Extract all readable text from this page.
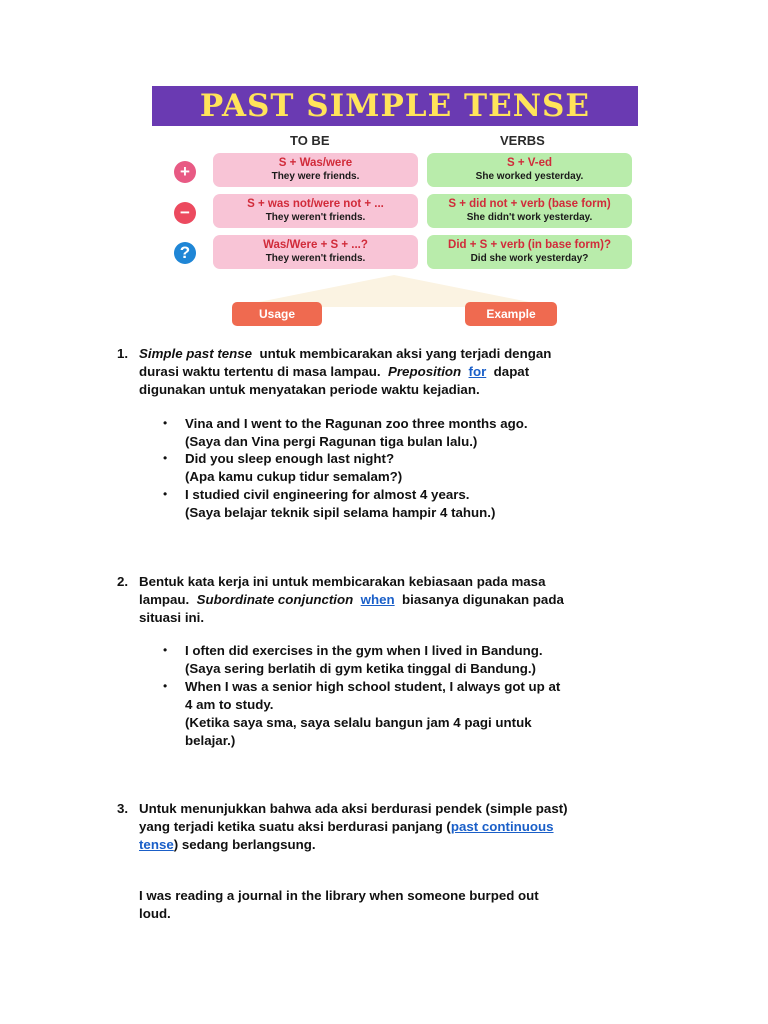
PAST SIMPLE TENSE
TO BE	VERBS
+
−
?
S + Was/were
They were friends.
S + V-ed
She worked yesterday.
S + was not/were not + ...
They weren't friends.
S + did not + verb (base form)
She didn't work yesterday.
Was/Were + S + ...?
They weren't friends.
Did + S + verb (in base form)?
Did she work yesterday?
Usage	Example
1. Simple past tense untuk membicarakan aksi yang terjadi dengan
durasi waktu tertentu di masa lampau. Preposition for dapat
digunakan untuk menyatakan periode waktu kejadian.
• Vina and I went to the Ragunan zoo three months ago.
(Saya dan Vina pergi Ragunan tiga bulan lalu.)
• Did you sleep enough last night?
(Apa kamu cukup tidur semalam?)
• I studied civil engineering for almost 4 years.
(Saya belajar teknik sipil selama hampir 4 tahun.)
2. Bentuk kata kerja ini untuk membicarakan kebiasaan pada masa
lampau. Subordinate conjunction when biasanya digunakan pada
situasi ini.
• I often did exercises in the gym when I lived in Bandung.
(Saya sering berlatih di gym ketika tinggal di Bandung.)
• When I was a senior high school student, I always got up at
4 am to study.
(Ketika saya sma, saya selalu bangun jam 4 pagi untuk
belajar.)
3. Untuk menunjukkan bahwa ada aksi berdurasi pendek (simple past)
yang terjadi ketika suatu aksi berdurasi panjang (past continuous
tense) sedang berlangsung.
I was reading a journal in the library when someone burped out
loud.
